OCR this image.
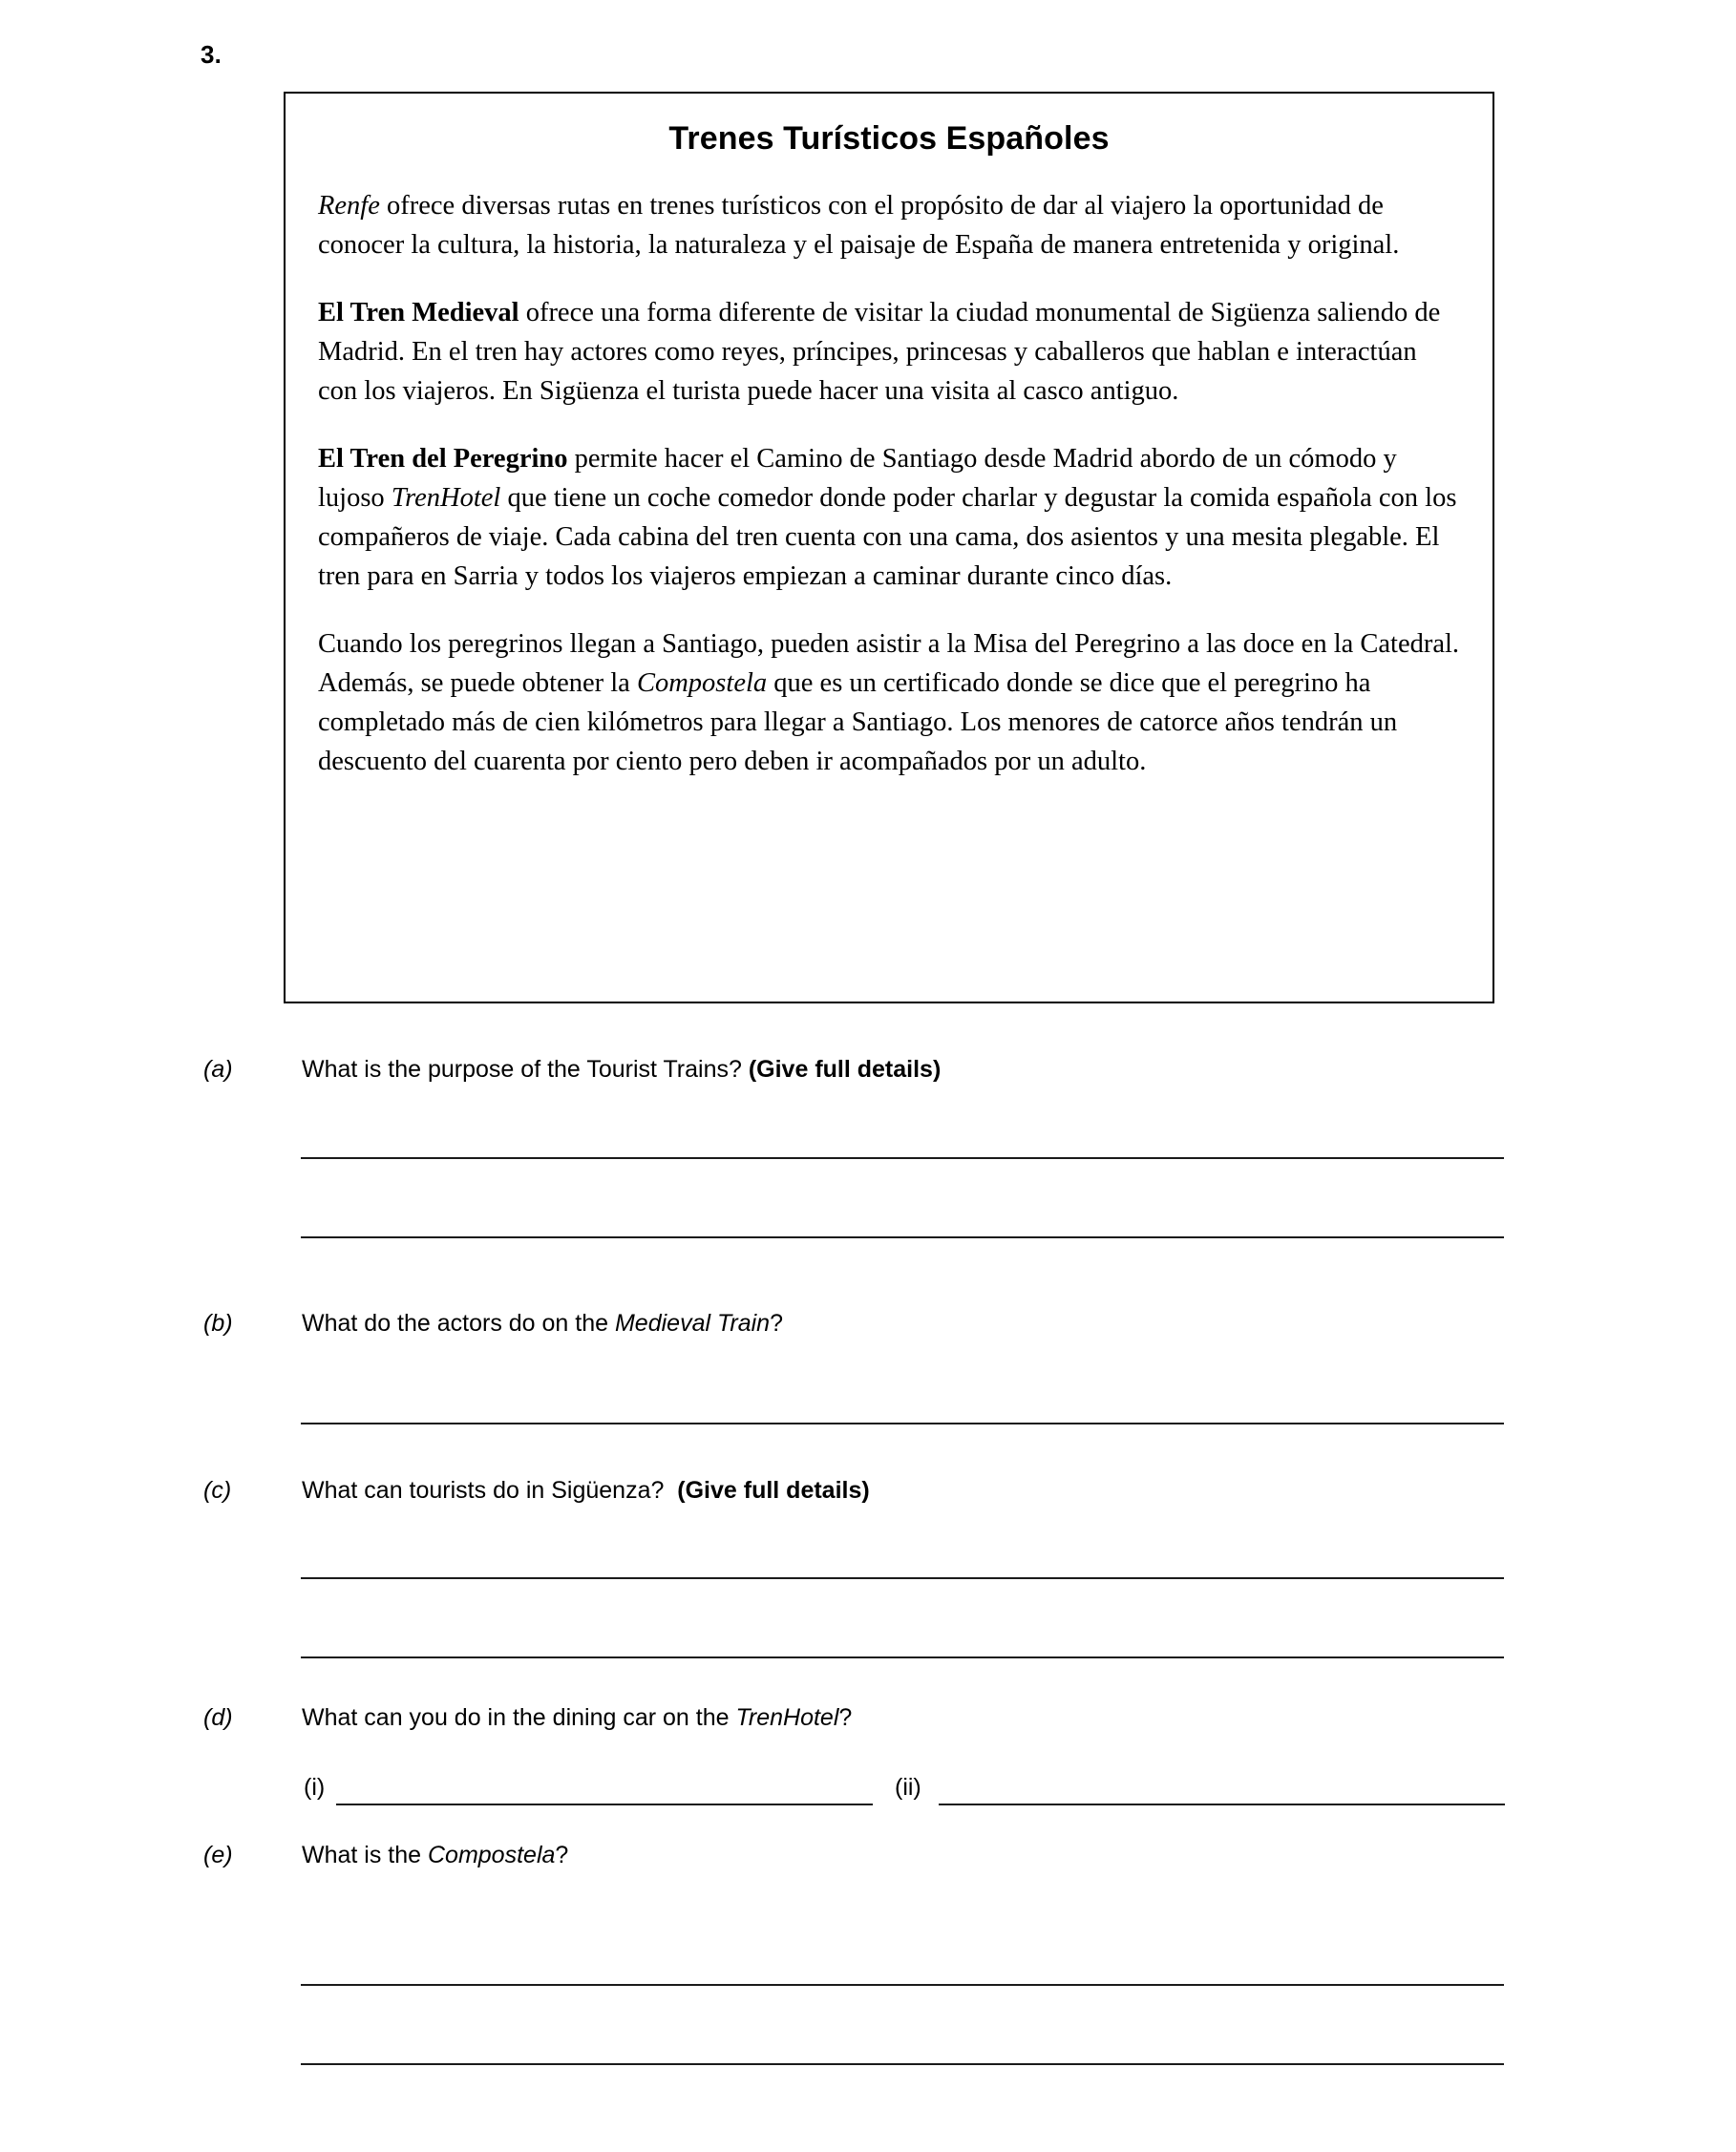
3.
Trenes Turísticos Españoles

Renfe ofrece diversas rutas en trenes turísticos con el propósito de dar al viajero la oportunidad de conocer la cultura, la historia, la naturaleza y el paisaje de España de manera entretenida y original.

El Tren Medieval ofrece una forma diferente de visitar la ciudad monumental de Sigüenza saliendo de Madrid. En el tren hay actores como reyes, príncipes, princesas y caballeros que hablan e interactúan con los viajeros. En Sigüenza el turista puede hacer una visita al casco antiguo.

El Tren del Peregrino permite hacer el Camino de Santiago desde Madrid abordo de un cómodo y lujoso TrenHotel que tiene un coche comedor donde poder charlar y degustar la comida española con los compañeros de viaje. Cada cabina del tren cuenta con una cama, dos asientos y una mesita plegable. El tren para en Sarria y todos los viajeros empiezan a caminar durante cinco días.

Cuando los peregrinos llegan a Santiago, pueden asistir a la Misa del Peregrino a las doce en la Catedral. Además, se puede obtener la Compostela que es un certificado donde se dice que el peregrino ha completado más de cien kilómetros para llegar a Santiago. Los menores de catorce años tendrán un descuento del cuarenta por ciento pero deben ir acompañados por un adulto.

(a)	What is the purpose of the Tourist Trains? (Give full details)
(b)	What do the actors do on the Medieval Train?
(c)	What can tourists do in Sigüenza?  (Give full details)
(d)	What can you do in the dining car on the TrenHotel?
(i)	(ii)
(e)	What is the Compostela?
